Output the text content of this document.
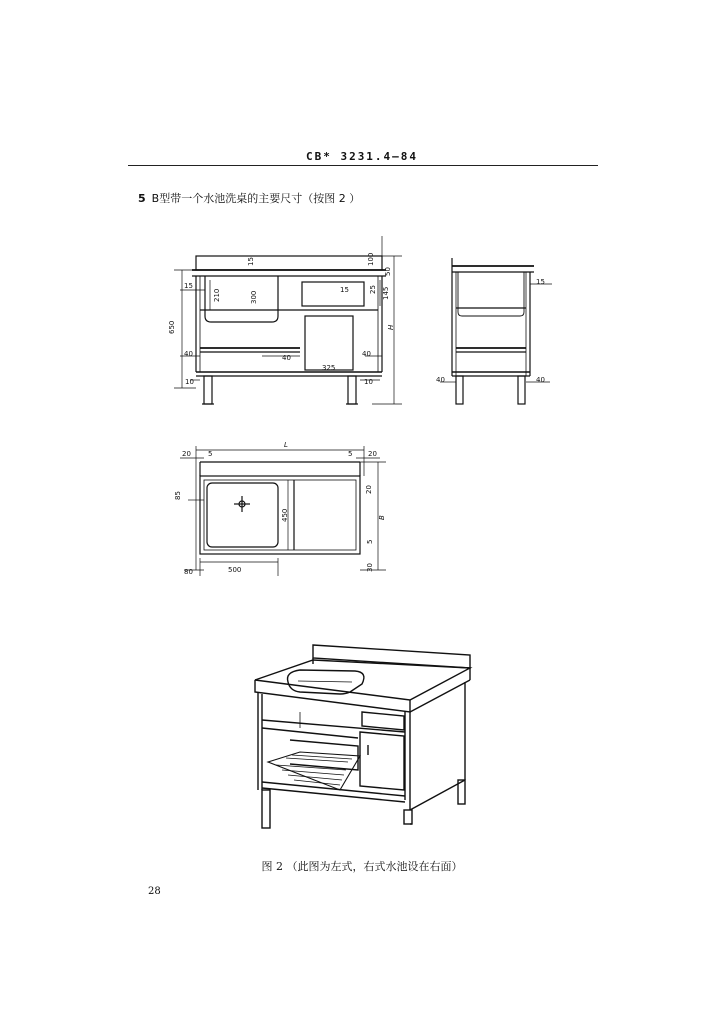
CB* 3231.4—84
5 B型带一个水池洗桌的主要尺寸（按图 2 ）
15	100
50
15
210	300
15	25 145
650
40	40
325
40
H
10	10
15
40	40
L
20 5	5 20
85
450
20
B
5
30
80	500
图 2 （此图为左式，右式水池设在右面）
28
